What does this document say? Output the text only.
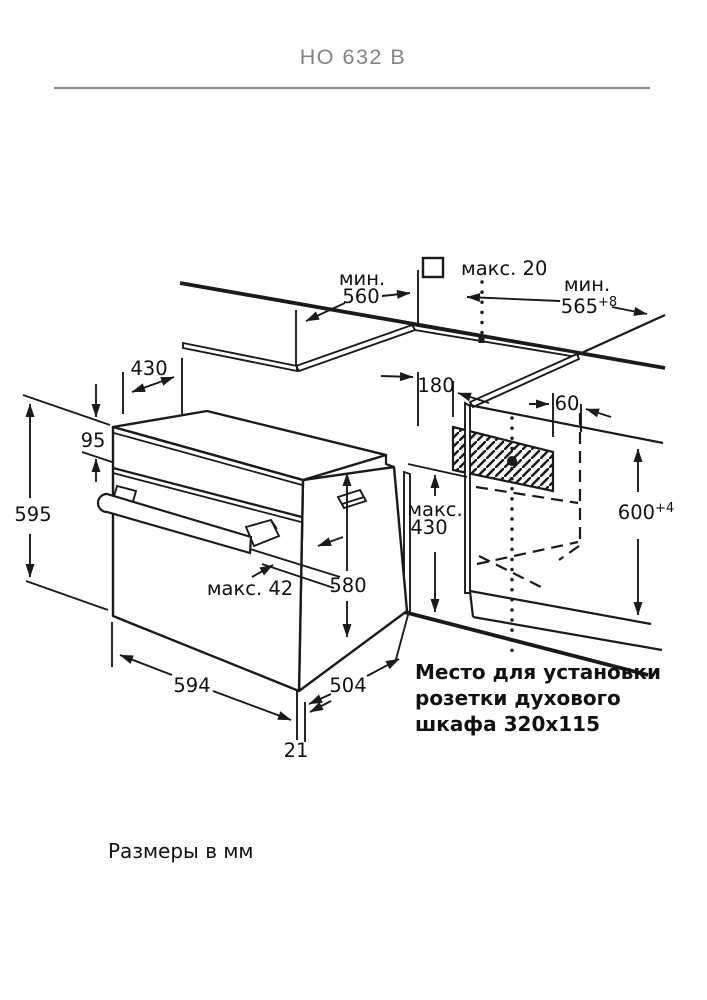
HO 632 B
595
95
430
мин.
560
макс. 20
мин.
$565^{+8}$
180
60
$600^{+4}$
макс.
430
макс. 42 580
594
21
504
Место для установки
розетки духового
шкафа 320x115
Размеры в мм
